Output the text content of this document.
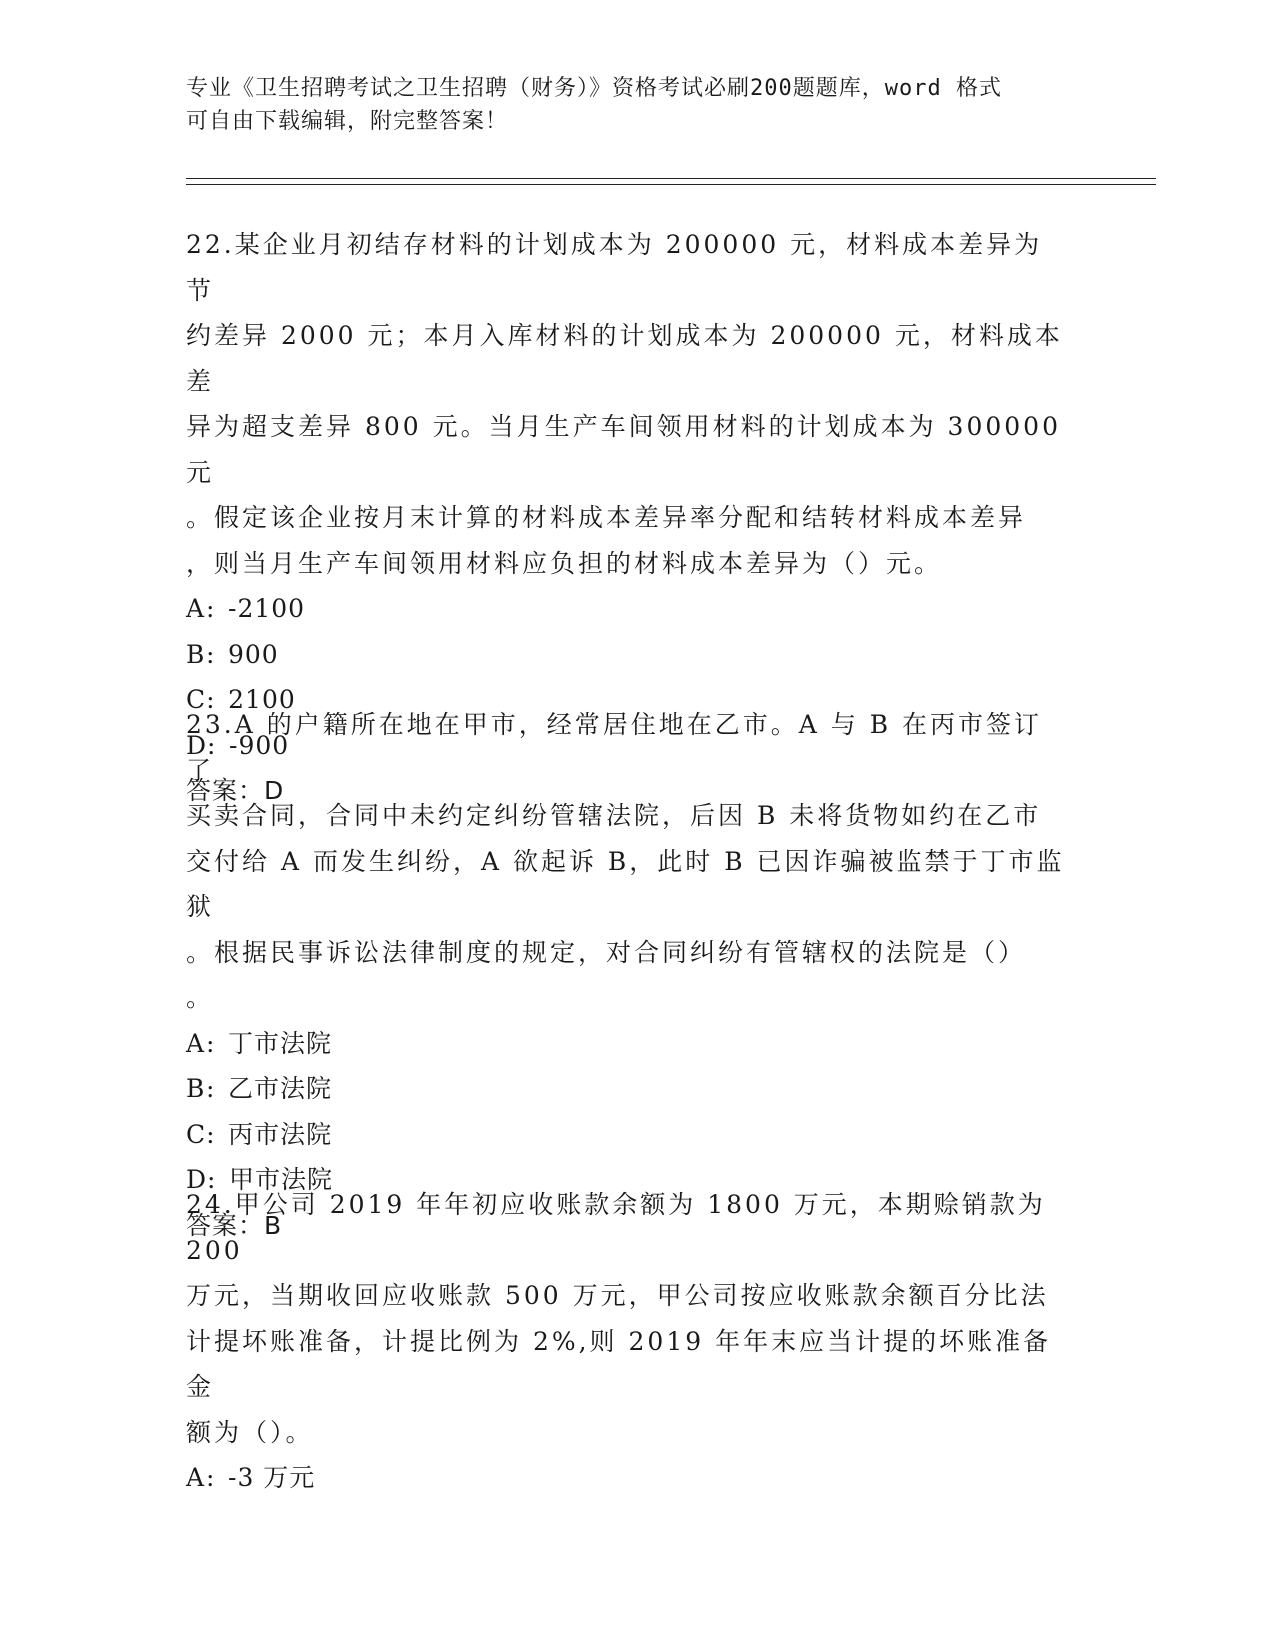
专业《卫生招聘考试之卫生招聘（财务）》资格考试必刷200题题库，word 格式
可自由下载编辑，附完整答案！
22.某企业月初结存材料的计划成本为 200000 元，材料成本差异为节
约差异 2000 元；本月入库材料的计划成本为 200000 元，材料成本差
异为超支差异 800 元。当月生产车间领用材料的计划成本为 300000 元
。假定该企业按月末计算的材料成本差异率分配和结转材料成本差异
，则当月生产车间领用材料应负担的材料成本差异为（）元。
A: -2100
B: 900
C: 2100
D: -900
答案：D
23.A 的户籍所在地在甲市，经常居住地在乙市。A 与 B 在丙市签订了
买卖合同，合同中未约定纠纷管辖法院，后因 B 未将货物如约在乙市
交付给 A 而发生纠纷，A 欲起诉 B，此时 B 已因诈骗被监禁于丁市监狱
。根据民事诉讼法律制度的规定，对合同纠纷有管辖权的法院是（）
。
A: 丁市法院
B: 乙市法院
C: 丙市法院
D: 甲市法院
答案：B
24.甲公司 2019 年年初应收账款余额为 1800 万元，本期赊销款为 200
万元，当期收回应收账款 500 万元，甲公司按应收账款余额百分比法
计提坏账准备，计提比例为 2%,则 2019 年年末应当计提的坏账准备金
额为（）。
A: -3 万元
